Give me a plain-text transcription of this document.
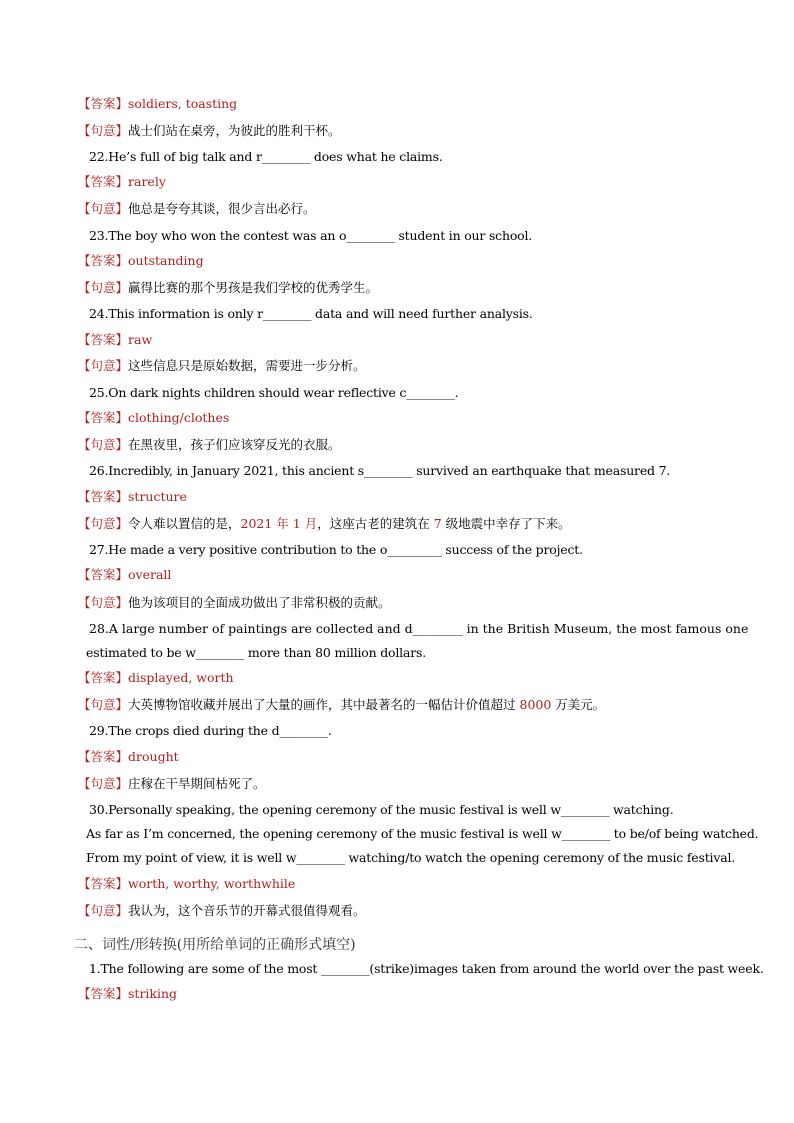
【答案】soldiers, toasting
【句意】战士们站在桌旁，为彼此的胜利干杯。
22.He’s full of big talk and r________ does what he claims.
【答案】rarely
【句意】他总是夸夸其谈，很少言出必行。
23.The boy who won the contest was an o________ student in our school.
【答案】outstanding
【句意】赢得比赛的那个男孩是我们学校的优秀学生。
24.This information is only r________ data and will need further analysis.
【答案】raw
【句意】这些信息只是原始数据，需要进一步分析。
25.On dark nights children should wear reflective c________.
【答案】clothing/clothes
【句意】在黑夜里，孩子们应该穿反光的衣服。
26.Incredibly, in January 2021, this ancient s________ survived an earthquake that measured 7.
【答案】structure
【句意】令人难以置信的是，2021 年 1 月，这座古老的建筑在 7 级地震中幸存了下来。
27.He made a very positive contribution to the o_________ success of the project.
【答案】overall
【句意】他为该项目的全面成功做出了非常积极的贡献。
28.A large number of paintings are collected and d________ in the British Museum, the most famous one
estimated to be w________ more than 80 million dollars.
【答案】displayed, worth
【句意】大英博物馆收藏并展出了大量的画作，其中最著名的一幅估计价值超过 8000 万美元。
29.The crops died during the d________.
【答案】drought
【句意】庄稼在干旱期间枯死了。
30.Personally speaking, the opening ceremony of the music festival is well w________ watching.
As far as I’m concerned, the opening ceremony of the music festival is well w________ to be/of being watched.
From my point of view, it is well w________ watching/to watch the opening ceremony of the music festival.
【答案】worth, worthy, worthwhile
【句意】我认为，这个音乐节的开幕式很值得观看。
二、词性/形转换(用所给单词的正确形式填空)
1.The following are some of the most ________(strike)images taken from around the world over the past week.
【答案】striking
